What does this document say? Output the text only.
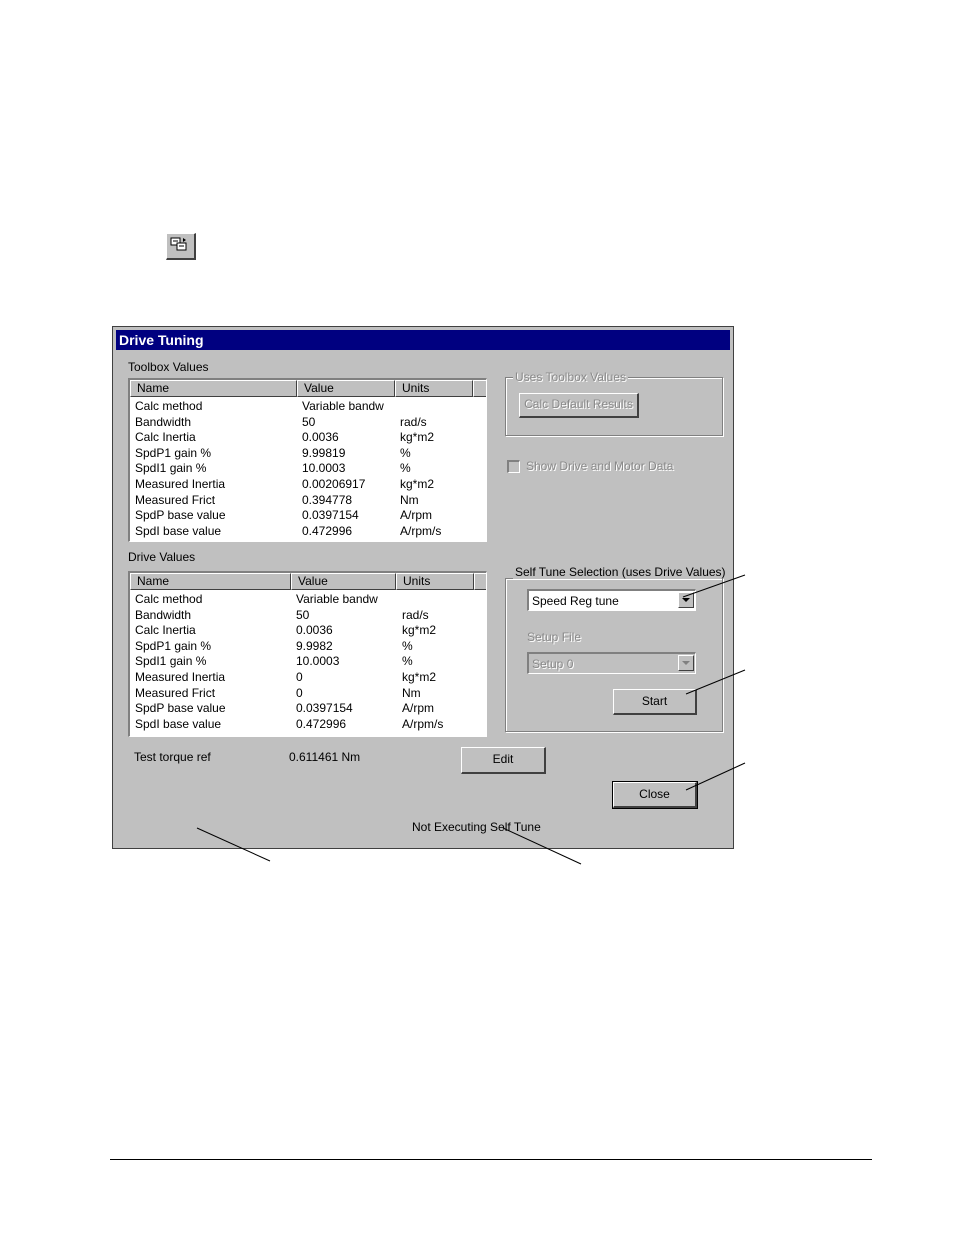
Drive Tuning
Toolbox Values
Name	Value	Units
Calc method	Variable bandw
Bandwidth	50	rad/s
Calc Inertia	0.0036	kg*m2
SpdP1 gain %	9.99819	%
SpdI1 gain %	10.0003	%
Measured Inertia	0.00206917	kg*m2
Measured Frict	0.394778	Nm
SpdP base value	0.0397154	A/rpm
SpdI base value	0.472996	A/rpm/s
Drive Values
Name	Value	Units
Calc method	Variable bandw
Bandwidth	50	rad/s
Calc Inertia	0.0036	kg*m2
SpdP1 gain %	9.9982	%
SpdI1 gain %	10.0003	%
Measured Inertia	0	kg*m2
Measured Frict	0	Nm
SpdP base value	0.0397154	A/rpm
SpdI base value	0.472996	A/rpm/s
Uses Toolbox Values
Calc Default Results
Show Drive and Motor Data
Self Tune Selection (uses Drive Values)
Speed Reg tune
Setup File
Setup 0
Start
Test torque ref	0.611461 Nm	Edit
Close
Not Executing Self Tune
